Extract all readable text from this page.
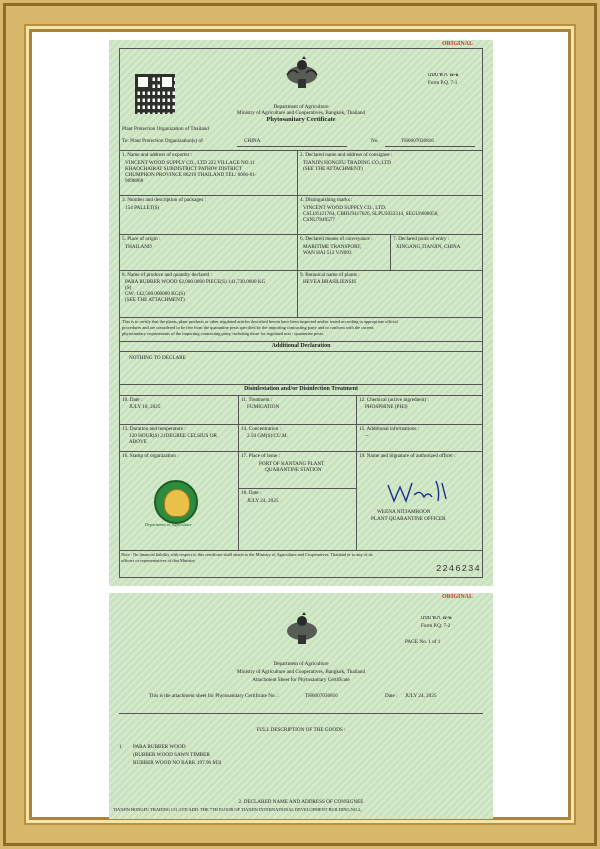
ORIGINAL
แบบ พ.ก. ๗-๑
Form P.Q. 7-1
Department of Agriculture
Ministry of Agriculture and Cooperatives, Bangkok, Thailand
Phytosanitary Certificate
Plant Protection Organization of Thailand
To: Plant Protection Organization(s) of	CHINA	No.	TH6607036816
1. Name and address of exporter :
VINCENT WOOD SUPPLY CO., LTD 222 VILLAGE NO.11
KHAOCHAIRAT SUBDISTRICT PATHIW DISTRICT
CHUMPHON PROVINCE 86210 THAILAND TEL: 0066-61-
9696868
2. Declared name and address of consignee :
TIANJIN HONGFU TRADING CO.,LTD
(SEE THE ATTACHMENT)
3. Number and description of packages :
154 PALLET(S)
4. Distinguishing marks :
VINCENT WOOD SUPPLY CO., LTD.
CSLU6121764, CBHU9417626, SLPU5033314, SEGU6608050,
CSNU7849577
5. Place of origin :
THAILAND
6. Declared means of conveyance :
MARITIME TRANSPORT,
WAN HAI 512 V.N093
7. Declared point of entry :
XINGANG,TIANJIN, CHINA
8. Name of produce and quantity declared :
PARA RUBBER WOOD 62,080.0000 PIECE(S) 141,730.0000 KG
(S)
GW: 142,500.000000 KG(S)
(SEE THE ATTACHMENT)
9. Botanical name of plants :
HEVEA BRASILIENSIS
This is to certify that the plants, plant products or other regulated articles described herein have been inspected and/or tested according to appropriate official
procedures and are considered to be free from the quarantine pests specified by the importing contracting party and to conform with the current
phytosanitary requirements of the importing contracting party, including those for regulated non - quarantine pests.
Additional Declaration
NOTHING TO DECLARE
Disinfestation and/or Disinfection Treatment
10. Date :
JULY 18, 2025
11. Treatment :
FUMIGATION
12. Chemical (active ingredient) :
PHOSPHINE (PH3)
13. Duration and temperature :
120 HOUR(S) 21DEGREE CELSIUS OR
ABOVE
14. Concentration :
2.50 GM(S)/CU.M.
15. Additional informations :
--
16. Stamp of organization :	17. Place of issue :
PORT OF KANTANG PLANT
QUARANTINE STATION
18. Date :
JULY 24, 2025
19. Name and Signature of authorized officer :
Department of Agriculture
WEENA NITJAMROON
PLANT QUARANTINE OFFICER
Note : No financial liability with respect to this certificate shall attach to the Ministry of Agriculture and Cooperatives, Thailand or to any of its
officers or representatives of that Ministry
2246234
ORIGINAL
แบบ พ.ก. ๗-๒
Form P.Q. 7-2
PAGE No. 1 of 1
Department of Agriculture
Ministry of Agriculture and Cooperatives, Bangkok, Thailand
Attachment Sheet for Phytosanitary Certificate
This is the attachment sheet for Phytosanitary Certificate No. :	TH6607036816	Date : JULY 24, 2025
FULL DESCRIPTION OF THE GOODS :
1 PARA RUBBER WOOD
(RUBBER WOOD SAWN TIMBER
RUBBER WOOD NO BARK 197.96 M3)
2. DECLARED NAME AND ADDRESS OF CONSIGNEE
TIANJIN HONGFU TRADING CO.,LTD ADD: THE 7TH FLOOR OF TIANJIN INTERNATIONAL DEVELOPMENT BUILDING,NO.2,
